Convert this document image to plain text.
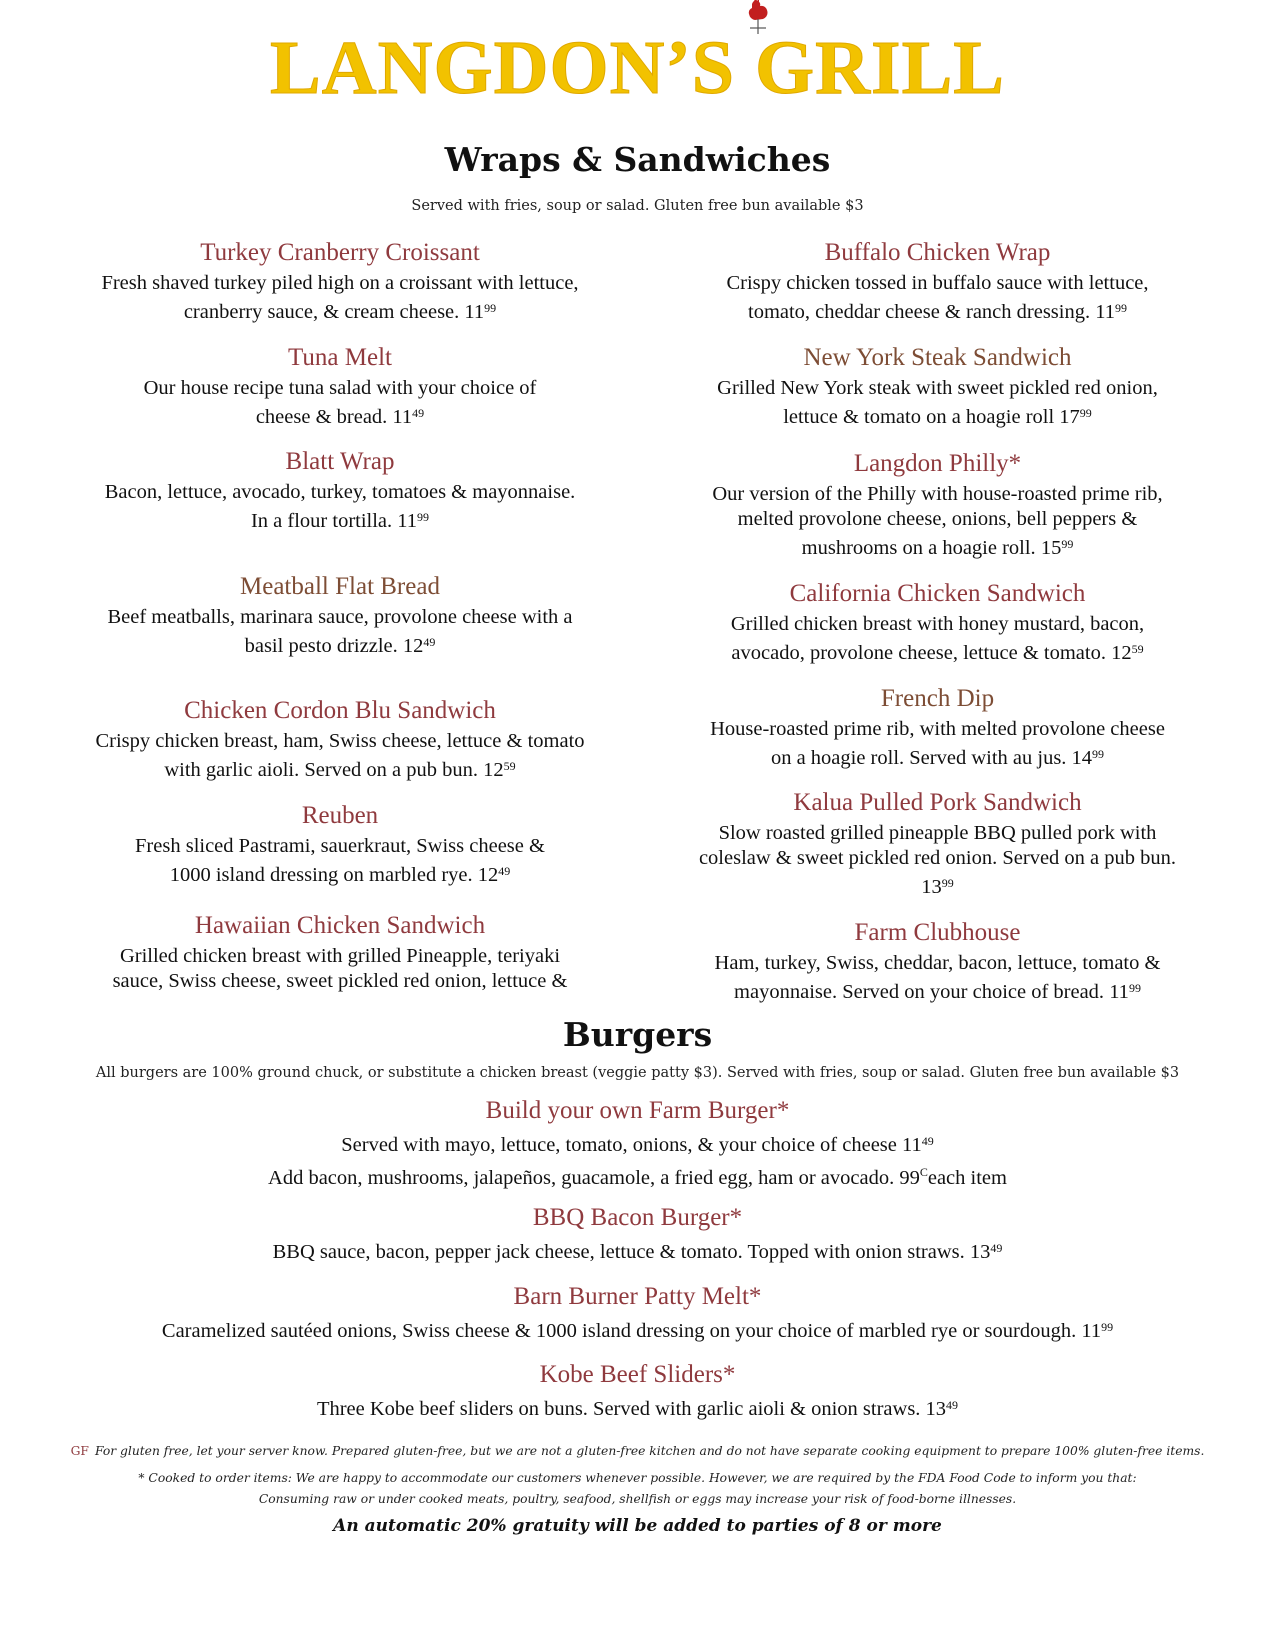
LANGDON’S GRILL
Wraps & Sandwiches
Served with fries, soup or salad. Gluten free bun available $3
Turkey Cranberry Croissant
Fresh shaved turkey piled high on a croissant with lettuce,
cranberry sauce, & cream cheese. $11^{99}$
Tuna Melt
Our house recipe tuna salad with your choice of
cheese & bread. $11^{49}$
Blatt Wrap
Bacon, lettuce, avocado, turkey, tomatoes & mayonnaise.
In a flour tortilla. $11^{99}$
Meatball Flat Bread
Beef meatballs, marinara sauce, provolone cheese with a
basil pesto drizzle. $12^{49}$
Chicken Cordon Blu Sandwich
Crispy chicken breast, ham, Swiss cheese, lettuce & tomato
with garlic aioli. Served on a pub bun. $12^{59}$
Reuben
Fresh sliced Pastrami, sauerkraut, Swiss cheese &
1000 island dressing on marbled rye. $12^{49}$
Hawaiian Chicken Sandwich
Grilled chicken breast with grilled Pineapple, teriyaki
sauce, Swiss cheese, sweet pickled red onion, lettuce &
Buffalo Chicken Wrap
Crispy chicken tossed in buffalo sauce with lettuce,
tomato, cheddar cheese & ranch dressing. $11^{99}$
New York Steak Sandwich
Grilled New York steak with sweet pickled red onion,
lettuce & tomato on a hoagie roll $17^{99}$
Langdon Philly*
Our version of the Philly with house-roasted prime rib,
melted provolone cheese, onions, bell peppers &
mushrooms on a hoagie roll. $15^{99}$
California Chicken Sandwich
Grilled chicken breast with honey mustard, bacon,
avocado, provolone cheese, lettuce & tomato. $12^{59}$
French Dip
House-roasted prime rib, with melted provolone cheese
on a hoagie roll. Served with au jus. $14^{99}$
Kalua Pulled Pork Sandwich
Slow roasted grilled pineapple BBQ pulled pork with
coleslaw & sweet pickled red onion. Served on a pub bun.
$13^{99}$
Farm Clubhouse
Ham, turkey, Swiss, cheddar, bacon, lettuce, tomato &
mayonnaise. Served on your choice of bread. $11^{99}$
Burgers
All burgers are 100% ground chuck, or substitute a chicken breast (veggie patty $3). Served with fries, soup or salad. Gluten free bun available $3
Build your own Farm Burger*
Served with mayo, lettuce, tomato, onions, & your choice of cheese $11^{49}$
Add bacon, mushrooms, jalapeños, guacamole, a fried egg, ham or avocado. $99^Ceach$ item
BBQ Bacon Burger*
BBQ sauce, bacon, pepper jack cheese, lettuce & tomato. Topped with onion straws. $13^{49}$
Barn Burner Patty Melt*
Caramelized sautéed onions, Swiss cheese & 1000 island dressing on your choice of marbled rye or sourdough. $11^{99}$
Kobe Beef Sliders*
Three Kobe beef sliders on buns. Served with garlic aioli & onion straws. $13^{49}$
GF For gluten free, let your server know. Prepared gluten-free, but we are not a gluten-free kitchen and do not have separate cooking equipment to prepare 100% gluten-free items.
* Cooked to order items: We are happy to accommodate our customers whenever possible. However, we are required by the FDA Food Code to inform you that:
Consuming raw or under cooked meats, poultry, seafood, shellfish or eggs may increase your risk of food-borne illnesses.
An automatic 20% gratuity will be added to parties of 8 or more
